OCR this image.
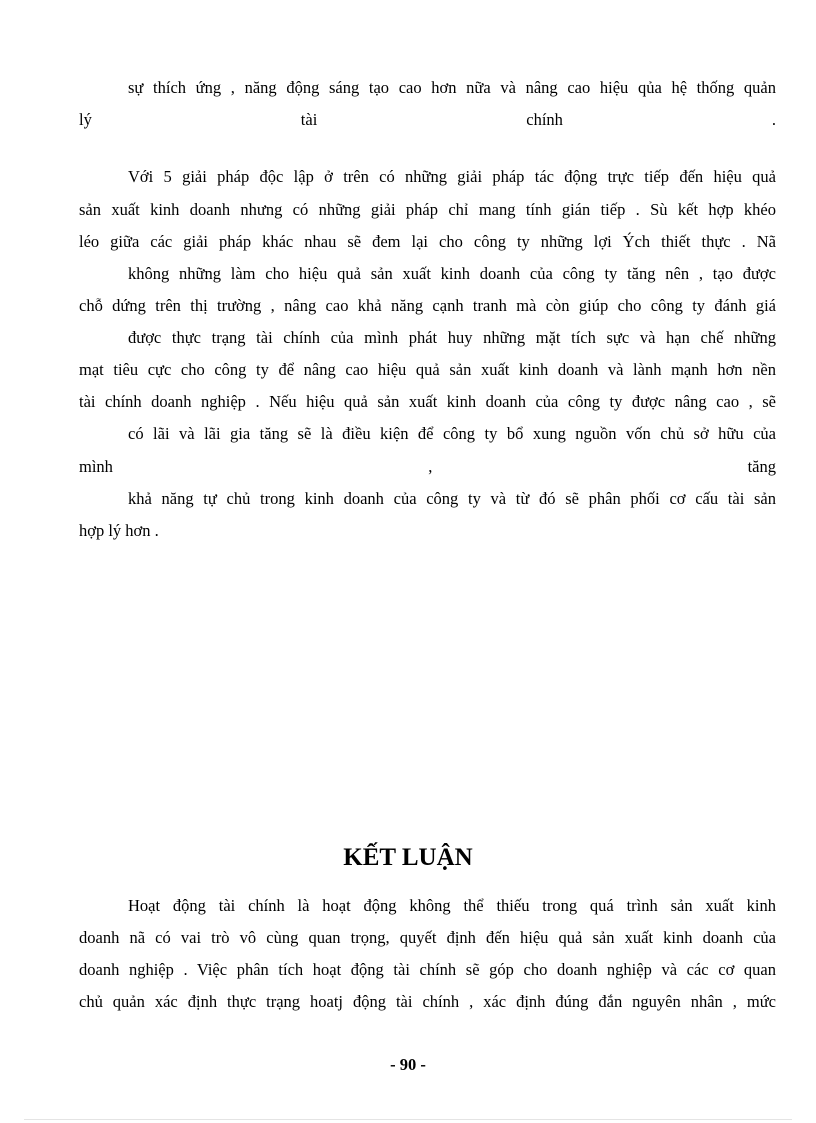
sự thích ứng , năng động sáng tạo cao hơn nữa và nâng cao hiệu qủa hệ thống quản
lý	tài	chính	.
Với 5 giải pháp độc lập ở trên có những giải pháp tác động trực tiếp đến hiệu quả
sản xuất kinh doanh nhưng có những giải pháp chỉ mang tính gián tiếp . Sù kết hợp khéo
léo giữa các giải pháp khác nhau sẽ đem lại cho công ty những lợi Ých thiết thực . Nã
không những làm cho hiệu quả sản xuất kinh doanh của công ty tăng nên , tạo được
chỗ dứng trên thị trường , nâng cao khả năng cạnh tranh mà còn giúp cho công ty đánh giá
được thực trạng tài chính của mình phát huy những mặt tích sực và hạn chế những
mạt tiêu cực cho công ty để nâng cao hiệu quả sản xuất kinh doanh và lành mạnh hơn nền
tài chính doanh nghiệp . Nếu hiệu quả sản xuất kinh doanh của công ty được nâng cao , sẽ
có lãi và lãi gia tăng sẽ là điều kiện để công ty bổ xung nguồn vốn chủ sở hữu của
mình	,	tăng
khả năng tự chủ trong kinh doanh của công ty và từ đó sẽ phân phối cơ cấu tài sản
hợp lý hơn .
KẾT LUẬN
Hoạt động tài chính là hoạt động không thể thiếu trong quá trình sản xuất kinh
doanh nã có vai trò vô cùng quan trọng, quyết định đến hiệu quả sản xuất kinh doanh của
doanh nghiệp . Việc phân tích hoạt động tài chính sẽ góp cho doanh nghiệp và các cơ quan
chủ quản xác định thực trạng hoatj động tài chính , xác định đúng đắn nguyên nhân , mức
- 90 -
